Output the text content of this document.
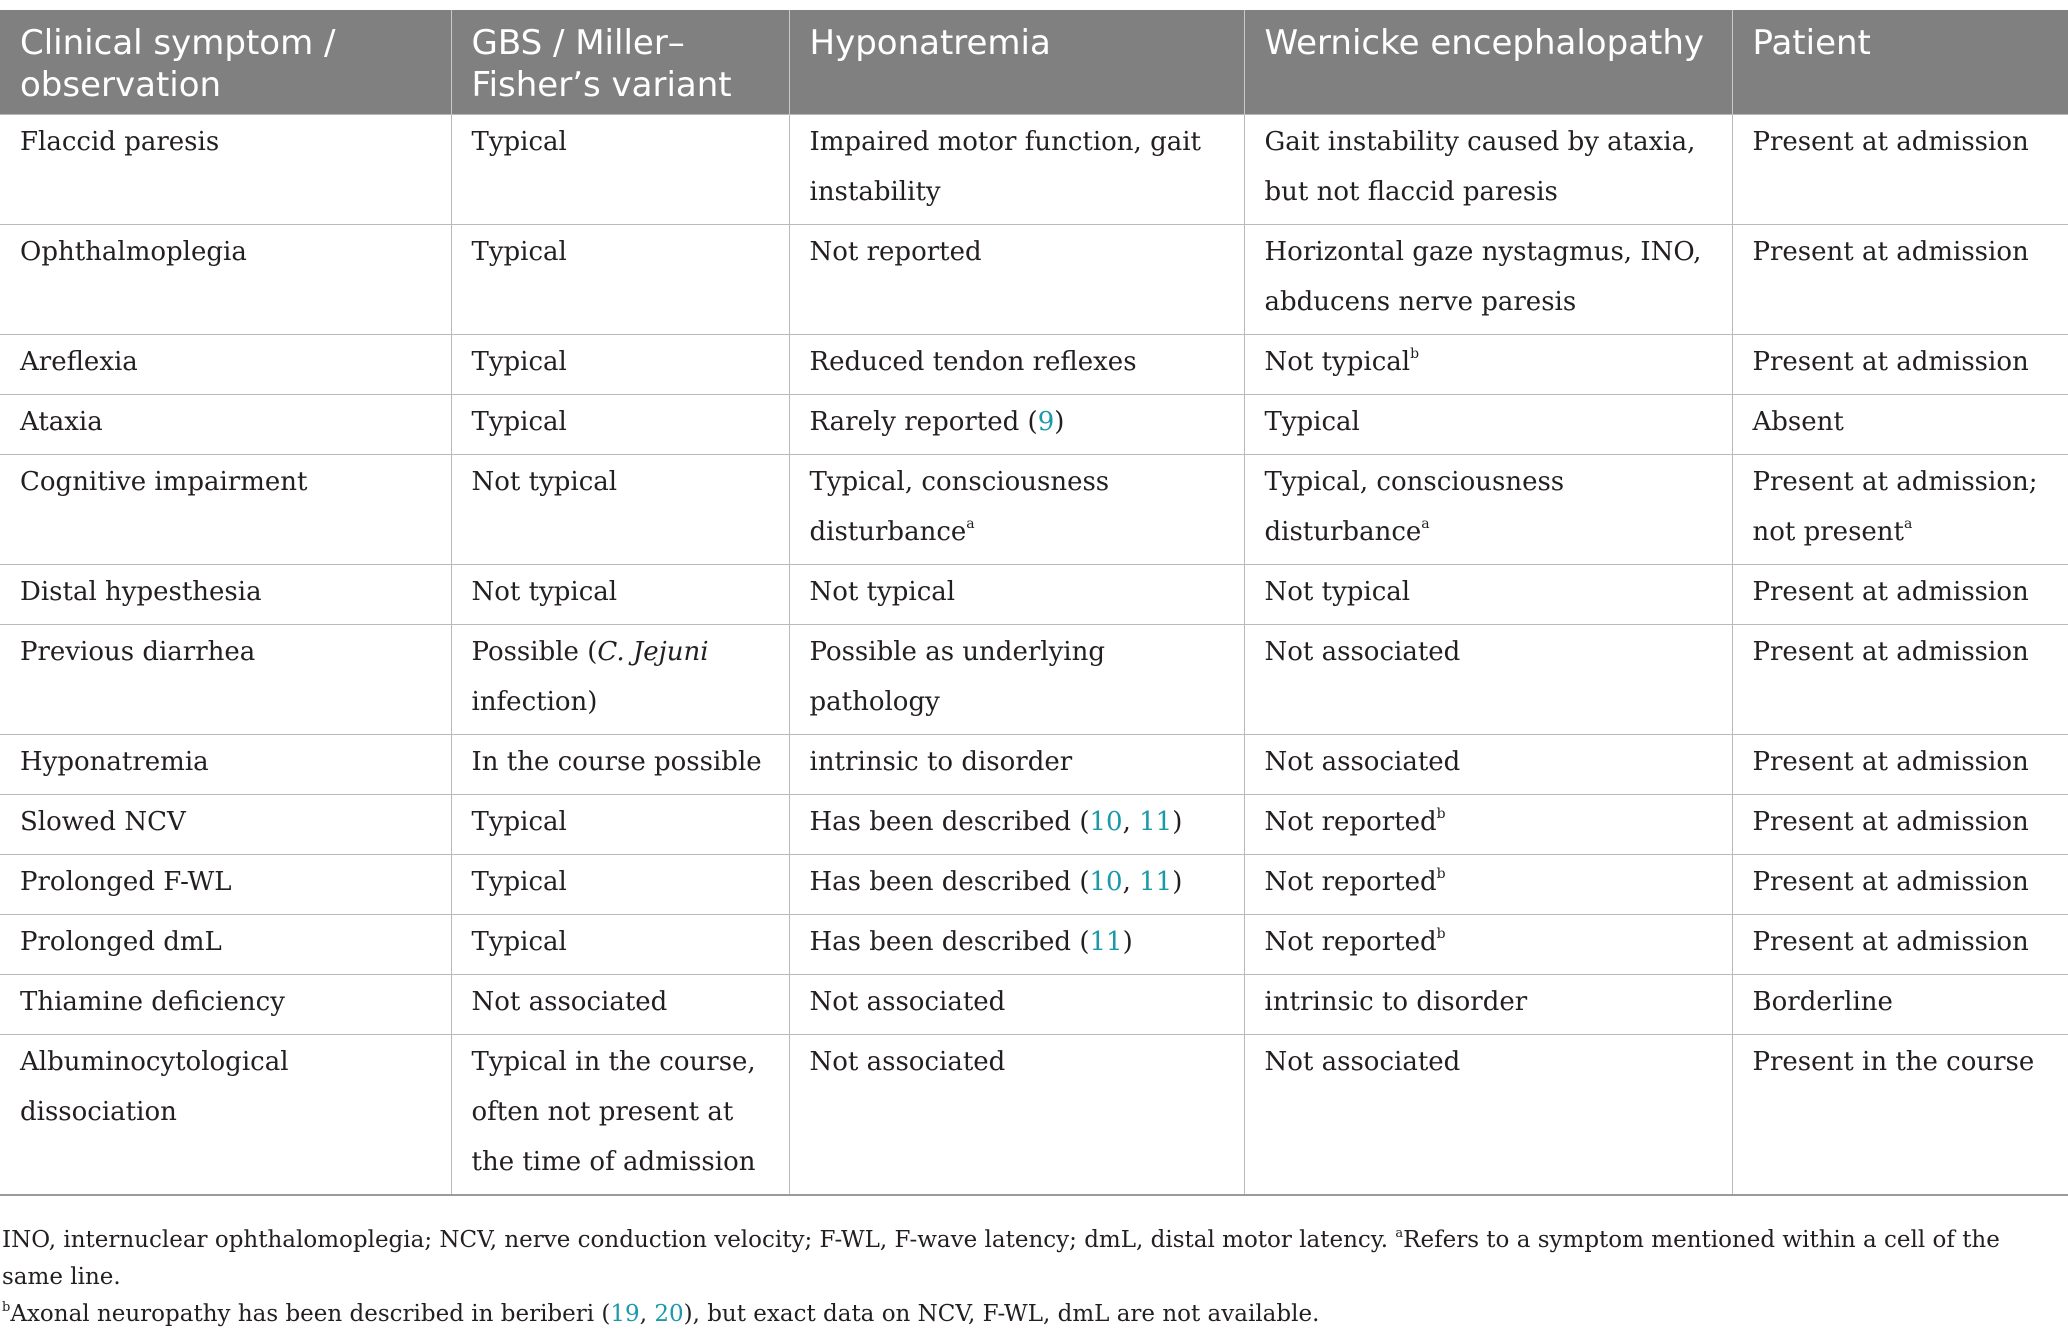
Clinical symptom / observation	GBS / Miller–Fisher’s variant	Hyponatremia	Wernicke encephalopathy	Patient
Flaccid paresis	Typical	Impaired motor function, gait instability	Gait instability caused by ataxia, but not flaccid paresis	Present at admission
Ophthalmoplegia	Typical	Not reported	Horizontal gaze nystagmus, INO, abducens nerve paresis	Present at admission
Areflexia	Typical	Reduced tendon reflexes	Not typical$^b$	Present at admission
Ataxia	Typical	Rarely reported (9)	Typical	Absent
Cognitive impairment	Not typical	Typical, consciousness disturbance$^a$	Typical, consciousness disturbance$^a$	Present at admission; not present$^a$
Distal hypesthesia	Not typical	Not typical	Not typical	Present at admission
Previous diarrhea	Possible (C. Jejuni infection)	Possible as underlying pathology	Not associated	Present at admission
Hyponatremia	In the course possible	intrinsic to disorder	Not associated	Present at admission
Slowed NCV	Typical	Has been described (10, 11)	Not reported$^b$	Present at admission
Prolonged F-WL	Typical	Has been described (10, 11)	Not reported$^b$	Present at admission
Prolonged dmL	Typical	Has been described (11)	Not reported$^b$	Present at admission
Thiamine deficiency	Not associated	Not associated	intrinsic to disorder	Borderline
Albuminocytological dissociation	Typical in the course, often not present at the time of admission	Not associated	Not associated	Present in the course

INO, internuclear ophthalomoplegia; NCV, nerve conduction velocity; F-WL, F-wave latency; dmL, distal motor latency. $^a$Refers to a symptom mentioned within a cell of the same line.

$^b$Axonal neuropathy has been described in beriberi (19, 20), but exact data on NCV, F-WL, dmL are not available.
